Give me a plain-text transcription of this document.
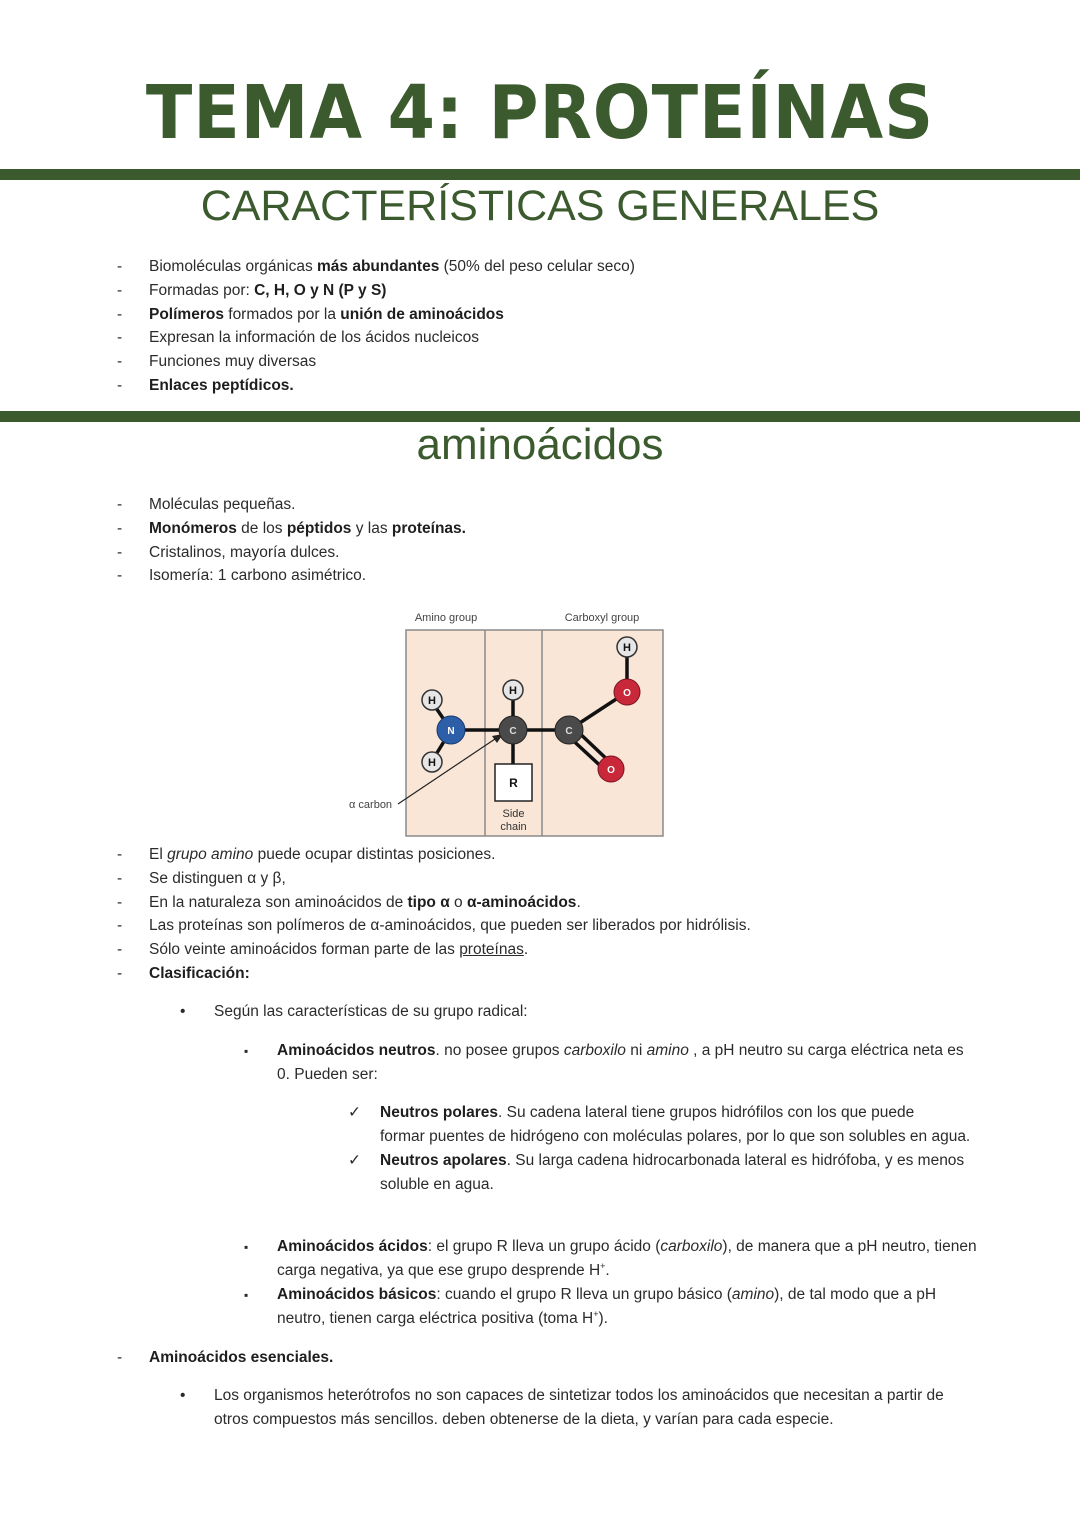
TEMA 4: PROTEÍNAS
CARACTERÍSTICAS GENERALES
- Biomoléculas orgánicas más abundantes (50% del peso celular seco)
- Formadas por: C, H, O y N (P y S)
- Polímeros formados por la unión de aminoácidos
- Expresan la información de los ácidos nucleicos
- Funciones muy diversas
- Enlaces peptídicos.
aminoácidos
- Moléculas pequeñas.
- Monómeros de los péptidos y las proteínas.
- Cristalinos, mayoría dulces.
- Isomería: 1 carbono asimétrico.
Amino group	Carboxyl group
α carbon
H
H
N
H
C	C
O
H
O
R
Side
chain
- El grupo amino puede ocupar distintas posiciones.
- Se distinguen α y β,
- En la naturaleza son aminoácidos de tipo α o α-aminoácidos.
- Las proteínas son polímeros de α-aminoácidos, que pueden ser liberados por hidrólisis.
- Sólo veinte aminoácidos forman parte de las proteínas.
- Clasificación:
• Según las características de su grupo radical:
▪ Aminoácidos neutros. no posee grupos carboxilo ni amino , a pH neutro su carga eléctrica neta es
0. Pueden ser:
✓ Neutros polares. Su cadena lateral tiene grupos hidrófilos con los que puede
formar puentes de hidrógeno con moléculas polares, por lo que son solubles en agua.
✓ Neutros apolares. Su larga cadena hidrocarbonada lateral es hidrófoba, y es menos
soluble en agua.
▪ Aminoácidos ácidos: el grupo R lleva un grupo ácido (carboxilo), de manera que a pH neutro, tienen
carga negativa, ya que ese grupo desprende H+.
▪ Aminoácidos básicos: cuando el grupo R lleva un grupo básico (amino), de tal modo que a pH
neutro, tienen carga eléctrica positiva (toma H+).
- Aminoácidos esenciales.
• Los organismos heterótrofos no son capaces de sintetizar todos los aminoácidos que necesitan a partir de
otros compuestos más sencillos. deben obtenerse de la dieta, y varían para cada especie.
